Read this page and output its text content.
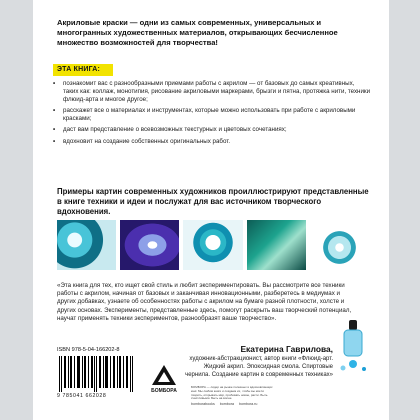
Акриловые краски — одни из самых современных, универсальных и многогранных художественных материалов, открывающих бесчисленное множество возможностей для творчества!
ЭТА КНИГА:
•	познакомит вас с разнообразными приемами работы с акрилом — от базовых до самых креативных, таких как: коллаж, монотипия, рисование акриловыми маркерами, брызги и пятна, протяжка нити, техники флюид-арта и многое другое;
•	расскажет все о материалах и инструментах, которые можно использовать при работе с акриловыми красками;
•	даст вам представление о всевозможных текстурных и цветовых сочетаниях;
•	вдохновит на создание собственных оригинальных работ.
Примеры картин современных художников проиллюстрируют представленные в книге техники и идеи и послужат для вас источником творческого вдохновения.
«Эта книга для тех, кто ищет свой стиль и любит экспериментировать. Вы рассмотрите все техники работы с акрилом, начиная от базовых и заканчивая инновационными, разберетесь в медиумах и других добавках, узнаете об особенностях работы с акрилом на бумаге разной плотности, холсте и других основах. Эксперименты, представленные здесь, помогут раскрыть ваш творческий потенциал, научат применять техники экспериментов, разнообразят ваше творчество».
Екатерина Гаврилова,
художник-абстракционист, автор книги «Флюид-арт. Жидкий акрил. Эпоксидная смола. Спиртовые чернила. Создание картин в современных техниках»
ISBN 978-5-04-166202-8
9 785041 662028
БОМБОРА
БОМБОРА — лидер на рынке полезных и вдохновляющих книг. Мы любим книги и создаем их, чтобы вы могли творить, открывать мир, пробовать новое, расти. Быть счастливыми. Быть на волне.
bomborabooks bombora bombora.ru
